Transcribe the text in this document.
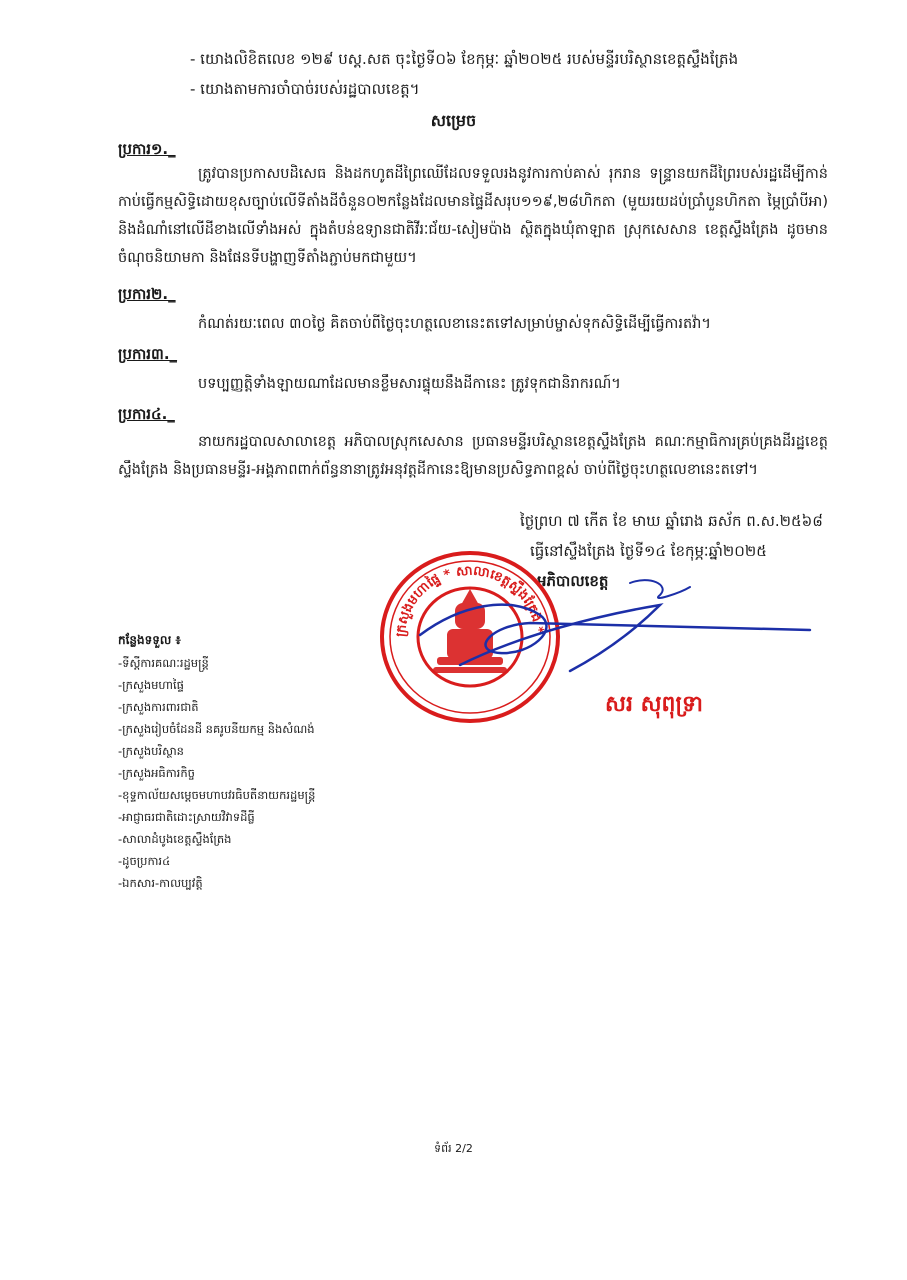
- យោងលិខិតលេខ ១២៩ បស្ត.សត ចុះថ្ងៃទី០៦ ខែកុម្ភៈ ឆ្នាំ២០២៥ របស់មន្ទីរបរិស្ថានខេត្តស្ទឹងត្រែង
- យោងតាមការចាំបាច់របស់រដ្ឋបាលខេត្ត។
សម្រេច
ប្រការ១._
ត្រូវបានប្រកាសបដិសេធ និងដកហូតដីព្រៃឈើដែលទទួលរងនូវការកាប់គាស់ រុករាន ទន្ទ្រានយកដីព្រៃរបស់រដ្ឋដើម្បីកាន់កាប់ធ្វើកម្មសិទ្ធិដោយខុសច្បាប់លើទីតាំងដីចំនួន០២កន្លែងដែលមានផ្ទៃដីសរុប១១៩,២៨ហិកតា (មួយរយដប់ប្រាំបួនហិកតា ម្ភៃប្រាំបីអា) និងដំណាំនៅលើដីខាងលើទាំងអស់ ក្នុងតំបន់ឧទ្យានជាតិវីរៈជ័យ-សៀមប៉ាង ស្ថិតក្នុងឃុំតាឡាត ស្រុកសេសាន ខេត្តស្ទឹងត្រែង ដូចមានចំណុចនិយាមកា និងផែនទីបង្ហាញទីតាំងភ្ជាប់មកជាមួយ។
ប្រការ២._
កំណត់រយៈពេល ៣០ថ្ងៃ គិតចាប់ពីថ្ងៃចុះហត្ថលេខានេះតទៅសម្រាប់ម្ចាស់ទុកសិទ្ធិដើម្បីធ្វើការតវ៉ា។
ប្រការ៣._
បទប្បញ្ញត្តិទាំងឡាយណាដែលមានខ្លឹមសារផ្ទុយនឹងដីកានេះ ត្រូវទុកជានិរាករណ៍។
ប្រការ៤._
នាយករដ្ឋបាលសាលាខេត្ត អភិបាលស្រុកសេសាន ប្រធានមន្ទីរបរិស្ថានខេត្តស្ទឹងត្រែង គណៈកម្មាធិការគ្រប់គ្រងដីរដ្ឋខេត្តស្ទឹងត្រែង និងប្រធានមន្ទីរ-អង្គភាពពាក់ព័ន្ធនានាត្រូវអនុវត្តដីកានេះឱ្យមានប្រសិទ្ធភាពខ្ពស់ ចាប់ពីថ្ងៃចុះហត្ថលេខានេះតទៅ។
ថ្ងៃព្រហ ៧ កើត ខែ មាឃ ឆ្នាំរោង ឆស័ក ព.ស.២៥៦៨
ធ្វើនៅស្ទឹងត្រែង ថ្ងៃទី១៤ ខែកុម្ភៈឆ្នាំ២០២៥
អភិបាលខេត្ត
ក្រសួងមហាផ្ទៃ * សាលាខេត្តស្ទឹងត្រែង *
សរ សុពុទ្រា
កន្លែងទទួល ៖
-ទីស្តីការគណៈរដ្ឋមន្ត្រី
-ក្រសួងមហាផ្ទៃ
-ក្រសួងការពារជាតិ
-ក្រសួងរៀបចំដែនដី នគរូបនីយកម្ម និងសំណង់
-ក្រសួងបរិស្ថាន
-ក្រសួងអធិការកិច្ច
-ខុទ្ទកាល័យសម្តេចមហាបវរធិបតីនាយករដ្ឋមន្ត្រី
-អាជ្ញាធរជាតិដោះស្រាយវិវាទដីធ្លី
-សាលាដំបូងខេត្តស្ទឹងត្រែង
-ដូចប្រការ៤
-ឯកសារ-កាលប្បវត្តិ
ទំព័រ 2/2
